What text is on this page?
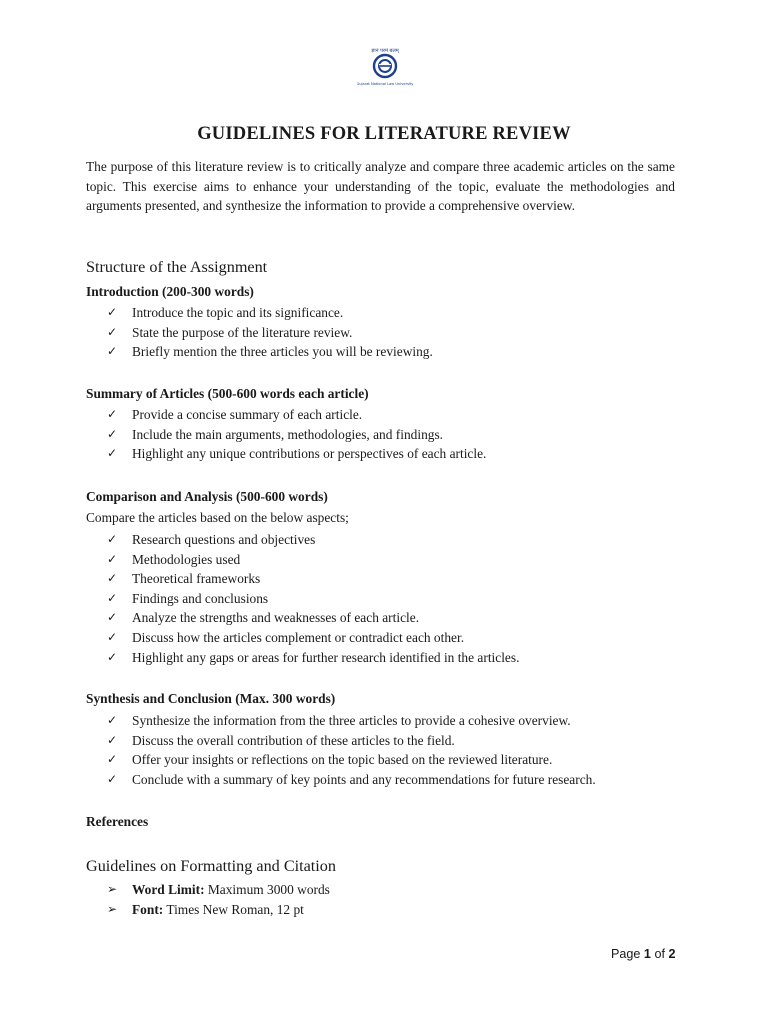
ज्ञानं परमं बलम्
Gujarat National Law University
GUIDELINES FOR LITERATURE REVIEW

The purpose of this literature review is to critically analyze and compare three academic articles on the same topic. This exercise aims to enhance your understanding of the topic, evaluate the methodologies and arguments presented, and synthesize the information to provide a comprehensive overview.

Structure of the Assignment
Introduction (200-300 words)
✓ Introduce the topic and its significance.
✓ State the purpose of the literature review.
✓ Briefly mention the three articles you will be reviewing.
Summary of Articles (500-600 words each article)
✓ Provide a concise summary of each article.
✓ Include the main arguments, methodologies, and findings.
✓ Highlight any unique contributions or perspectives of each article.
Comparison and Analysis (500-600 words)

Compare the articles based on the below aspects;

✓ Research questions and objectives
✓ Methodologies used
✓ Theoretical frameworks
✓ Findings and conclusions
✓ Analyze the strengths and weaknesses of each article.
✓ Discuss how the articles complement or contradict each other.
✓ Highlight any gaps or areas for further research identified in the articles.
Synthesis and Conclusion (Max. 300 words)
✓ Synthesize the information from the three articles to provide a cohesive overview.
✓ Discuss the overall contribution of these articles to the field.
✓ Offer your insights or reflections on the topic based on the reviewed literature.
✓ Conclude with a summary of key points and any recommendations for future research.
References
Guidelines on Formatting and Citation
➢ Word Limit: Maximum 3000 words
➢ Font: Times New Roman, 12 pt
Page 1 of 2
